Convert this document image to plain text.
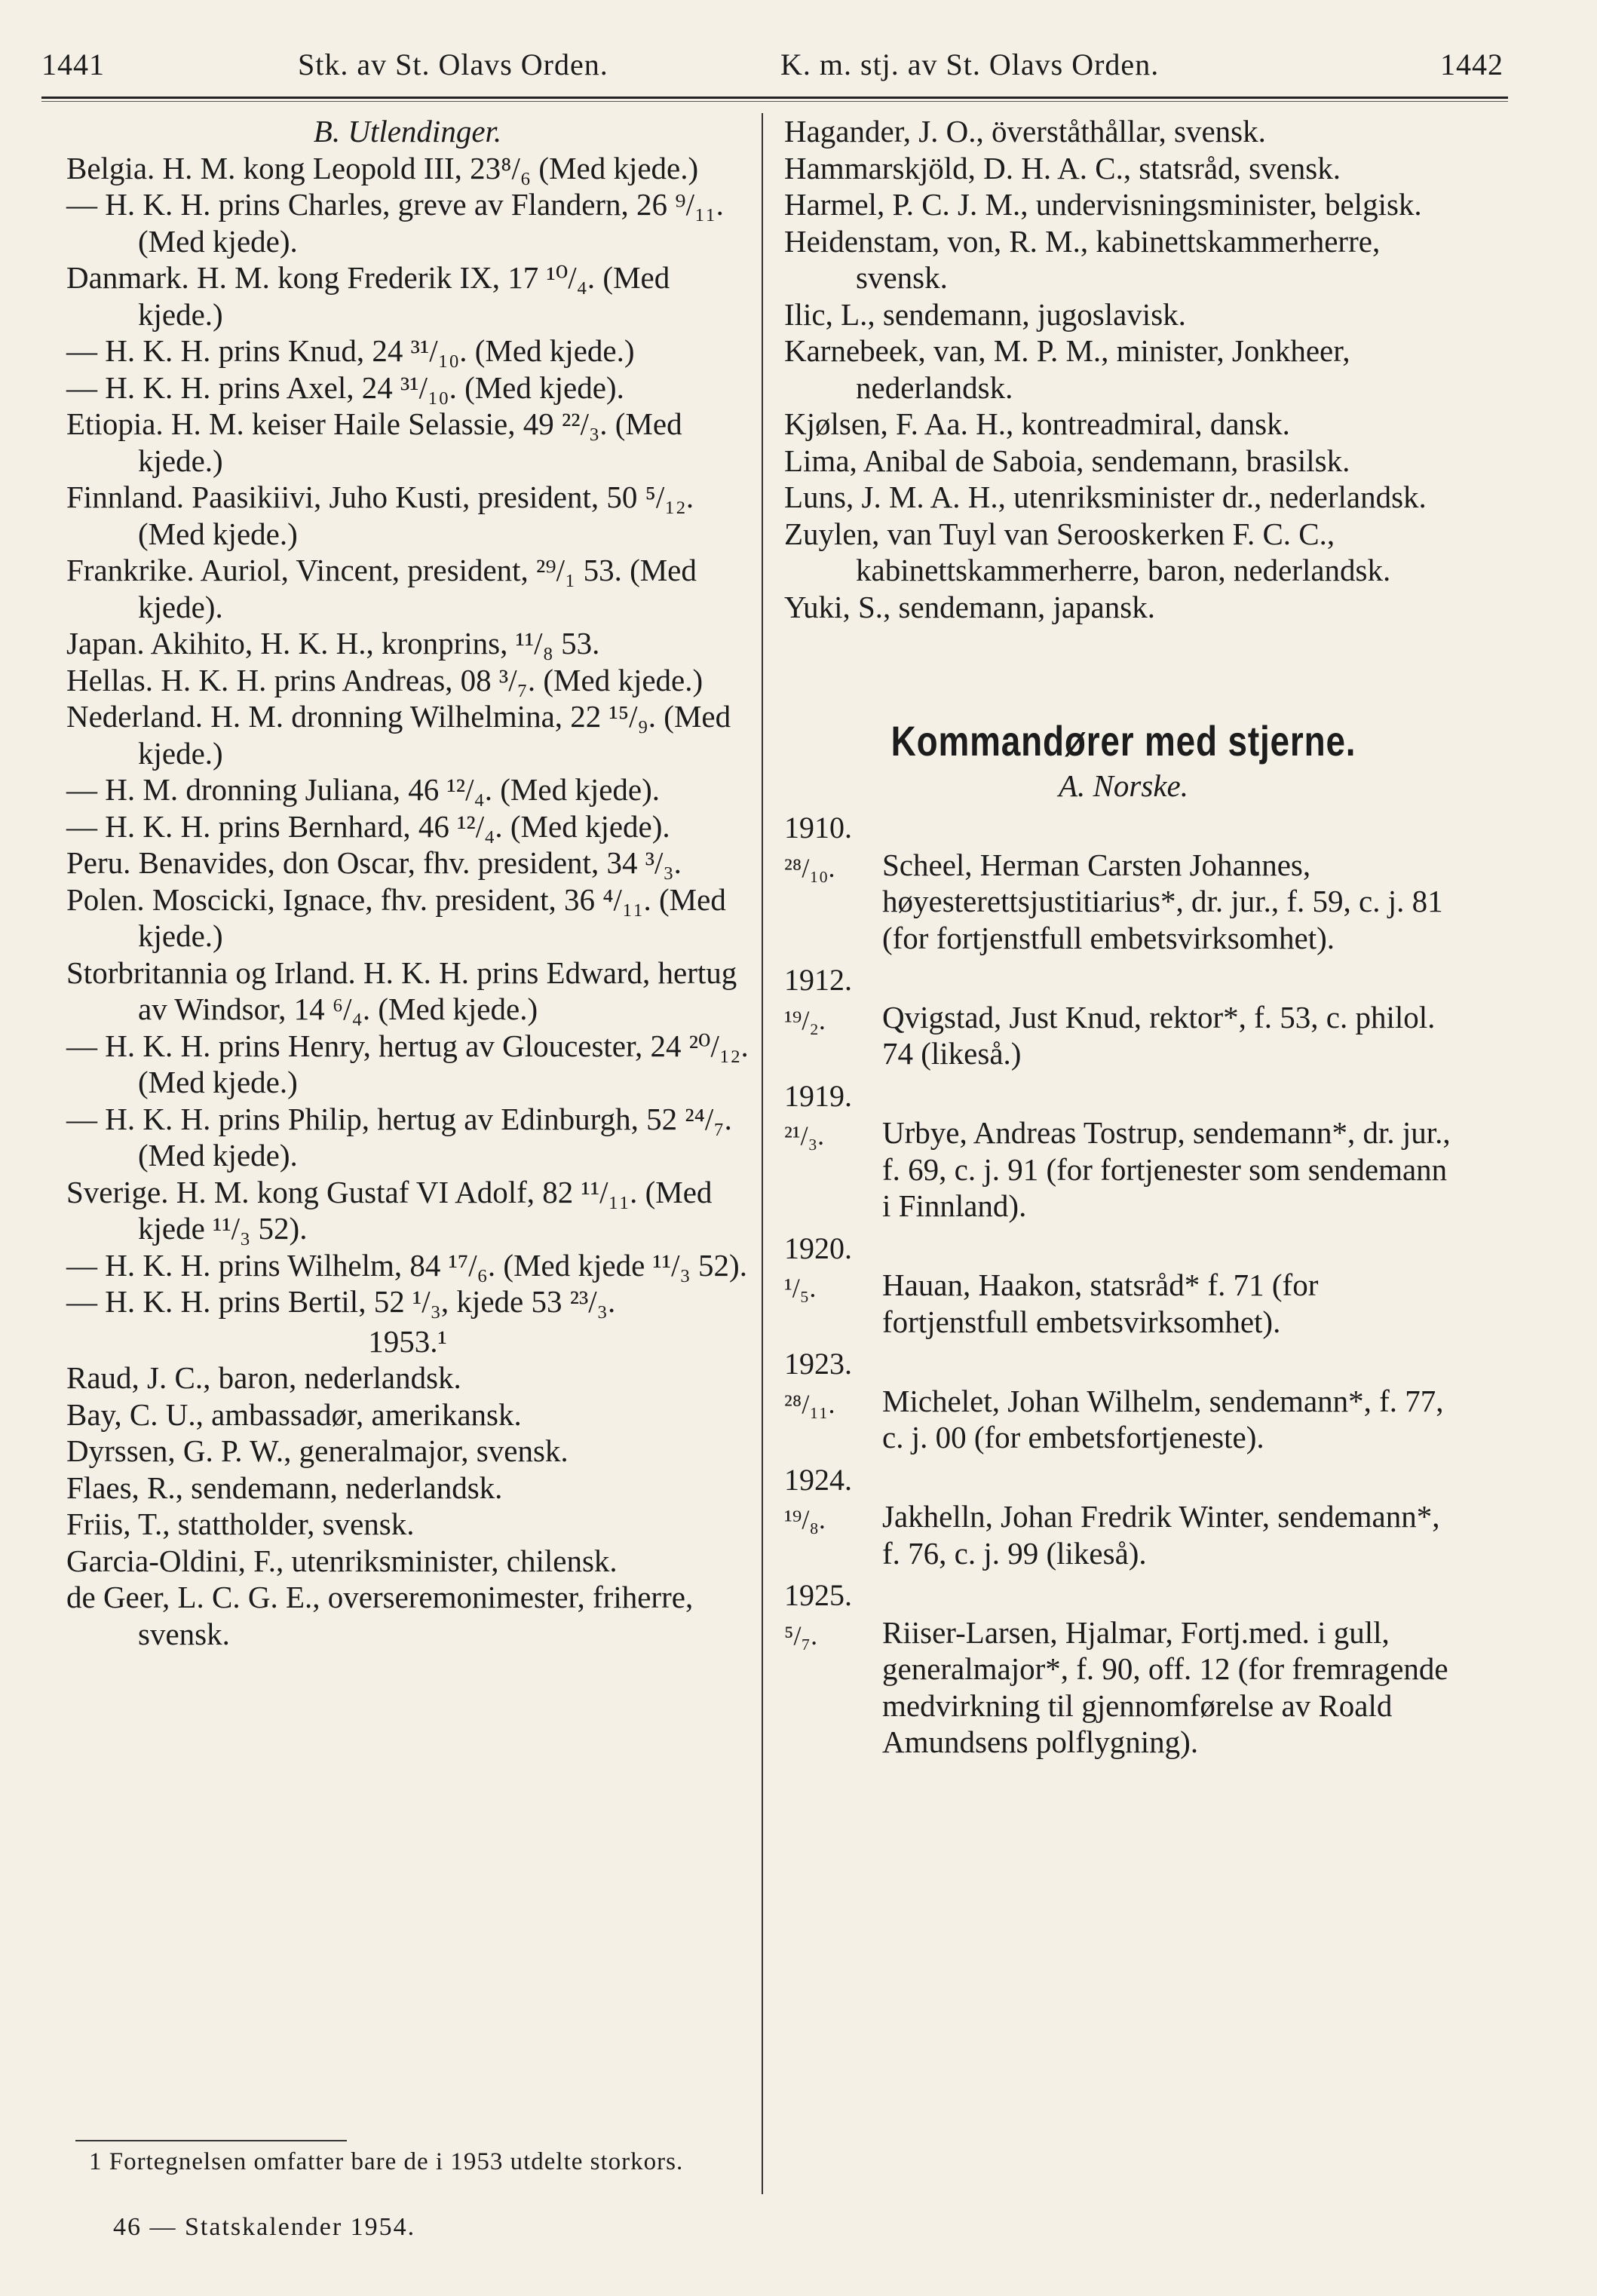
1441	Stk. av St. Olavs Orden.	K. m. stj. av St. Olavs Orden.	1442
B. Utlendinger.
Belgia. H. M. kong Leopold III, 23⁸/₆ (Med kjede.)
— H. K. H. prins Charles, greve av Flandern, 26 ⁹/₁₁. (Med kjede).
Danmark. H. M. kong Frederik IX, 17 ¹⁰/₄. (Med kjede.)
— H. K. H. prins Knud, 24 ³¹/₁₀. (Med kjede.)
— H. K. H. prins Axel, 24 ³¹/₁₀. (Med kjede).
Etiopia. H. M. keiser Haile Selassie, 49 ²²/₃. (Med kjede.)
Finnland. Paasikiivi, Juho Kusti, president, 50 ⁵/₁₂. (Med kjede.)
Frankrike. Auriol, Vincent, president, ²⁹/₁ 53. (Med kjede).
Japan. Akihito, H. K. H., kronprins, ¹¹/₈ 53.
Hellas. H. K. H. prins Andreas, 08 ³/₇. (Med kjede.)
Nederland. H. M. dronning Wilhelmina, 22 ¹⁵/₉. (Med kjede.)
— H. M. dronning Juliana, 46 ¹²/₄. (Med kjede).
— H. K. H. prins Bernhard, 46 ¹²/₄. (Med kjede).
Peru. Benavides, don Oscar, fhv. president, 34 ³/₃.
Polen. Moscicki, Ignace, fhv. president, 36 ⁴/₁₁. (Med kjede.)
Storbritannia og Irland. H. K. H. prins Edward, hertug av Windsor, 14 ⁶/₄. (Med kjede.)
— H. K. H. prins Henry, hertug av Gloucester, 24 ²⁰/₁₂. (Med kjede.)
— H. K. H. prins Philip, hertug av Edinburgh, 52 ²⁴/₇. (Med kjede).
Sverige. H. M. kong Gustaf VI Adolf, 82 ¹¹/₁₁. (Med kjede ¹¹/₃ 52).
— H. K. H. prins Wilhelm, 84 ¹⁷/₆. (Med kjede ¹¹/₃ 52).
— H. K. H. prins Bertil, 52 ¹/₃, kjede 53 ²³/₃.
1953.¹
Raud, J. C., baron, nederlandsk.
Bay, C. U., ambassadør, amerikansk.
Dyrssen, G. P. W., generalmajor, svensk.
Flaes, R., sendemann, nederlandsk.
Friis, T., stattholder, svensk.
Garcia-Oldini, F., utenriksminister, chilensk.
de Geer, L. C. G. E., overseremonimester, friherre, svensk.
1 Fortegnelsen omfatter bare de i 1953 utdelte storkors.
46 — Statskalender 1954.
Hagander, J. O., överståthållar, svensk.
Hammarskjöld, D. H. A. C., statsråd, svensk.
Harmel, P. C. J. M., undervisningsminister, belgisk.
Heidenstam, von, R. M., kabinettskammerherre, svensk.
Ilic, L., sendemann, jugoslavisk.
Karnebeek, van, M. P. M., minister, Jonkheer, nederlandsk.
Kjølsen, F. Aa. H., kontreadmiral, dansk.
Lima, Anibal de Saboia, sendemann, brasilsk.
Luns, J. M. A. H., utenriksminister dr., nederlandsk.
Zuylen, van Tuyl van Serooskerken F. C. C., kabinettskammerherre, baron, nederlandsk.
Yuki, S., sendemann, japansk.
Kommandører med stjerne.
A. Norske.
1910.
²⁸/₁₀.	Scheel, Herman Carsten Johannes, høyesterettsjustitiarius*, dr. jur., f. 59, c. j. 81 (for fortjenstfull embetsvirksomhet).
1912.
¹⁹/₂.	Qvigstad, Just Knud, rektor*, f. 53, c. philol. 74 (likeså.)
1919.
²¹/₃.	Urbye, Andreas Tostrup, sendemann*, dr. jur., f. 69, c. j. 91 (for fortjenester som sendemann i Finnland).
1920.
¹/₅.	Hauan, Haakon, statsråd* f. 71 (for fortjenstfull embetsvirksomhet).
1923.
²⁸/₁₁.	Michelet, Johan Wilhelm, sendemann*, f. 77, c. j. 00 (for embetsfortjeneste).
1924.
¹⁹/₈.	Jakhelln, Johan Fredrik Winter, sendemann*, f. 76, c. j. 99 (likeså).
1925.
⁵/₇.	Riiser-Larsen, Hjalmar, Fortj.med. i gull, generalmajor*, f. 90, off. 12 (for fremragende medvirkning til gjennomførelse av Roald Amundsens polflygning).
